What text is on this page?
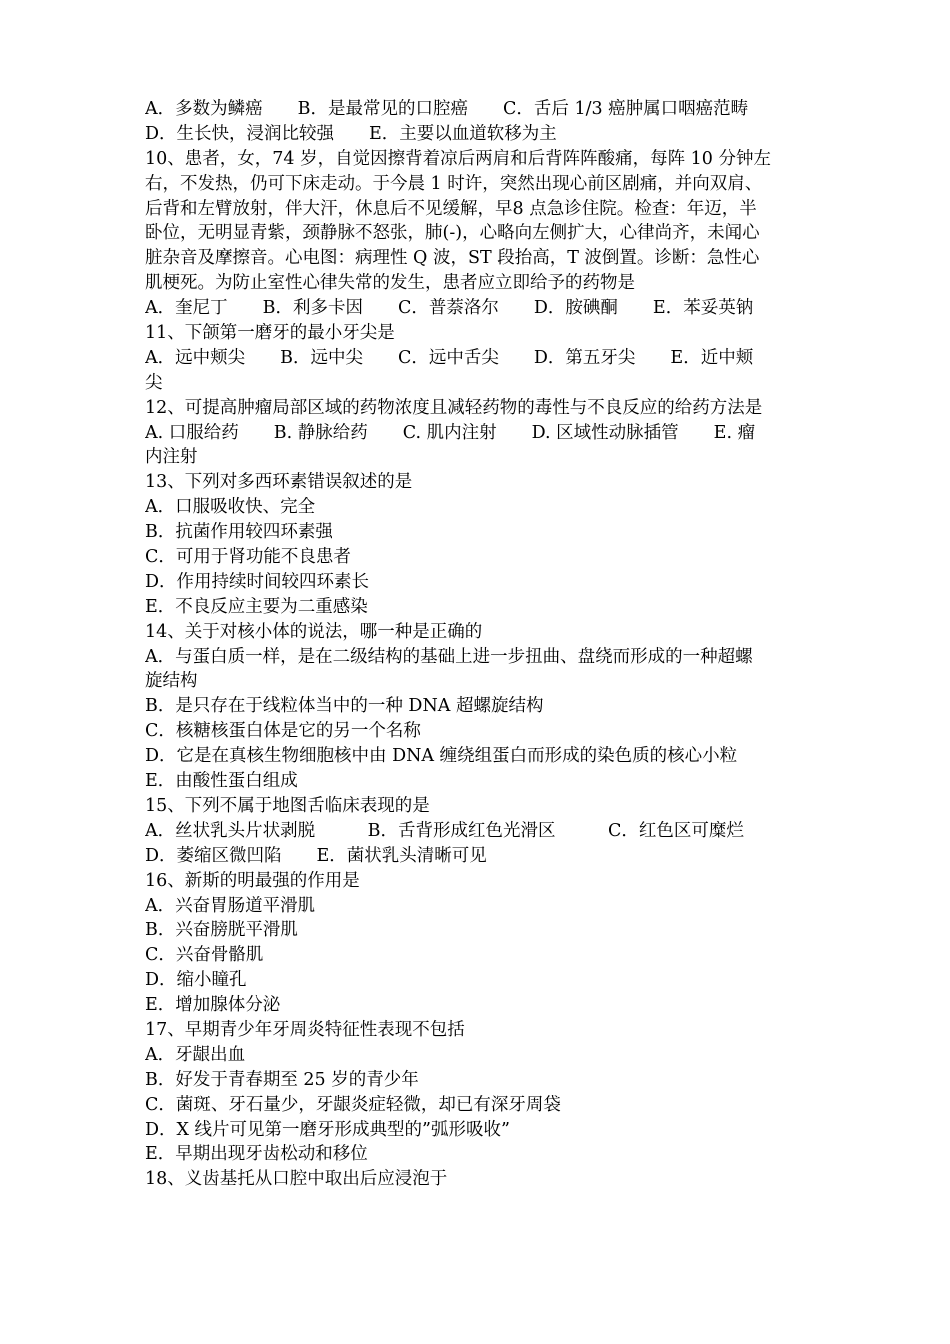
A．多数为鳞癌　　B．是最常见的口腔癌　　C．舌后 1/3 癌肿属口咽癌范畴
D．生长快，浸润比较强　　E．主要以血道软移为主
10、患者，女，74 岁，自觉因擦背着凉后两肩和后背阵阵酸痛，每阵 10 分钟左
右，不发热，仍可下床走动。于今晨 1 时许，突然出现心前区剧痛，并向双肩、
后背和左臂放射，伴大汗，休息后不见缓解，早8 点急诊住院。检查：年迈，半
卧位，无明显青紫，颈静脉不怒张，肺(-)，心略向左侧扩大，心律尚齐，未闻心
脏杂音及摩擦音。心电图：病理性 Q 波，ST 段抬高，T 波倒置。诊断：急性心
肌梗死。为防止室性心律失常的发生，患者应立即给予的药物是
A．奎尼丁　　B．利多卡因　　C．普萘洛尔　　D．胺碘酮　　E．苯妥英钠
11、下颌第一磨牙的最小牙尖是
A．远中颊尖　　B．远中尖　　C．远中舌尖　　D．第五牙尖　　E．近中颊
尖
12、可提高肿瘤局部区域的药物浓度且减轻药物的毒性与不良反应的给药方法是
A. 口服给药　　B. 静脉给药　　C. 肌内注射　　D. 区域性动脉插管　　E. 瘤
内注射
13、下列对多西环素错误叙述的是
A．口服吸收快、完全
B．抗菌作用较四环素强
C．可用于肾功能不良患者
D．作用持续时间较四环素长
E．不良反应主要为二重感染
14、关于对核小体的说法，哪一种是正确的
A．与蛋白质一样，是在二级结构的基础上进一步扭曲、盘绕而形成的一种超螺
旋结构
B．是只存在于线粒体当中的一种 DNA 超螺旋结构
C．核糖核蛋白体是它的另一个名称
D．它是在真核生物细胞核中由 DNA 缠绕组蛋白而形成的染色质的核心小粒
E．由酸性蛋白组成
15、下列不属于地图舌临床表现的是
A．丝状乳头片状剥脱　　　B．舌背形成红色光滑区　　　C．红色区可糜烂
D．萎缩区微凹陷　　E．菌状乳头清晰可见
16、新斯的明最强的作用是
A．兴奋胃肠道平滑肌
B．兴奋膀胱平滑肌
C．兴奋骨骼肌
D．缩小瞳孔
E．增加腺体分泌
17、早期青少年牙周炎特征性表现不包括
A．牙龈出血
B．好发于青春期至 25 岁的青少年
C．菌斑、牙石量少，牙龈炎症轻微，却已有深牙周袋
D．X 线片可见第一磨牙形成典型的”弧形吸收”
E．早期出现牙齿松动和移位
18、义齿基托从口腔中取出后应浸泡于
